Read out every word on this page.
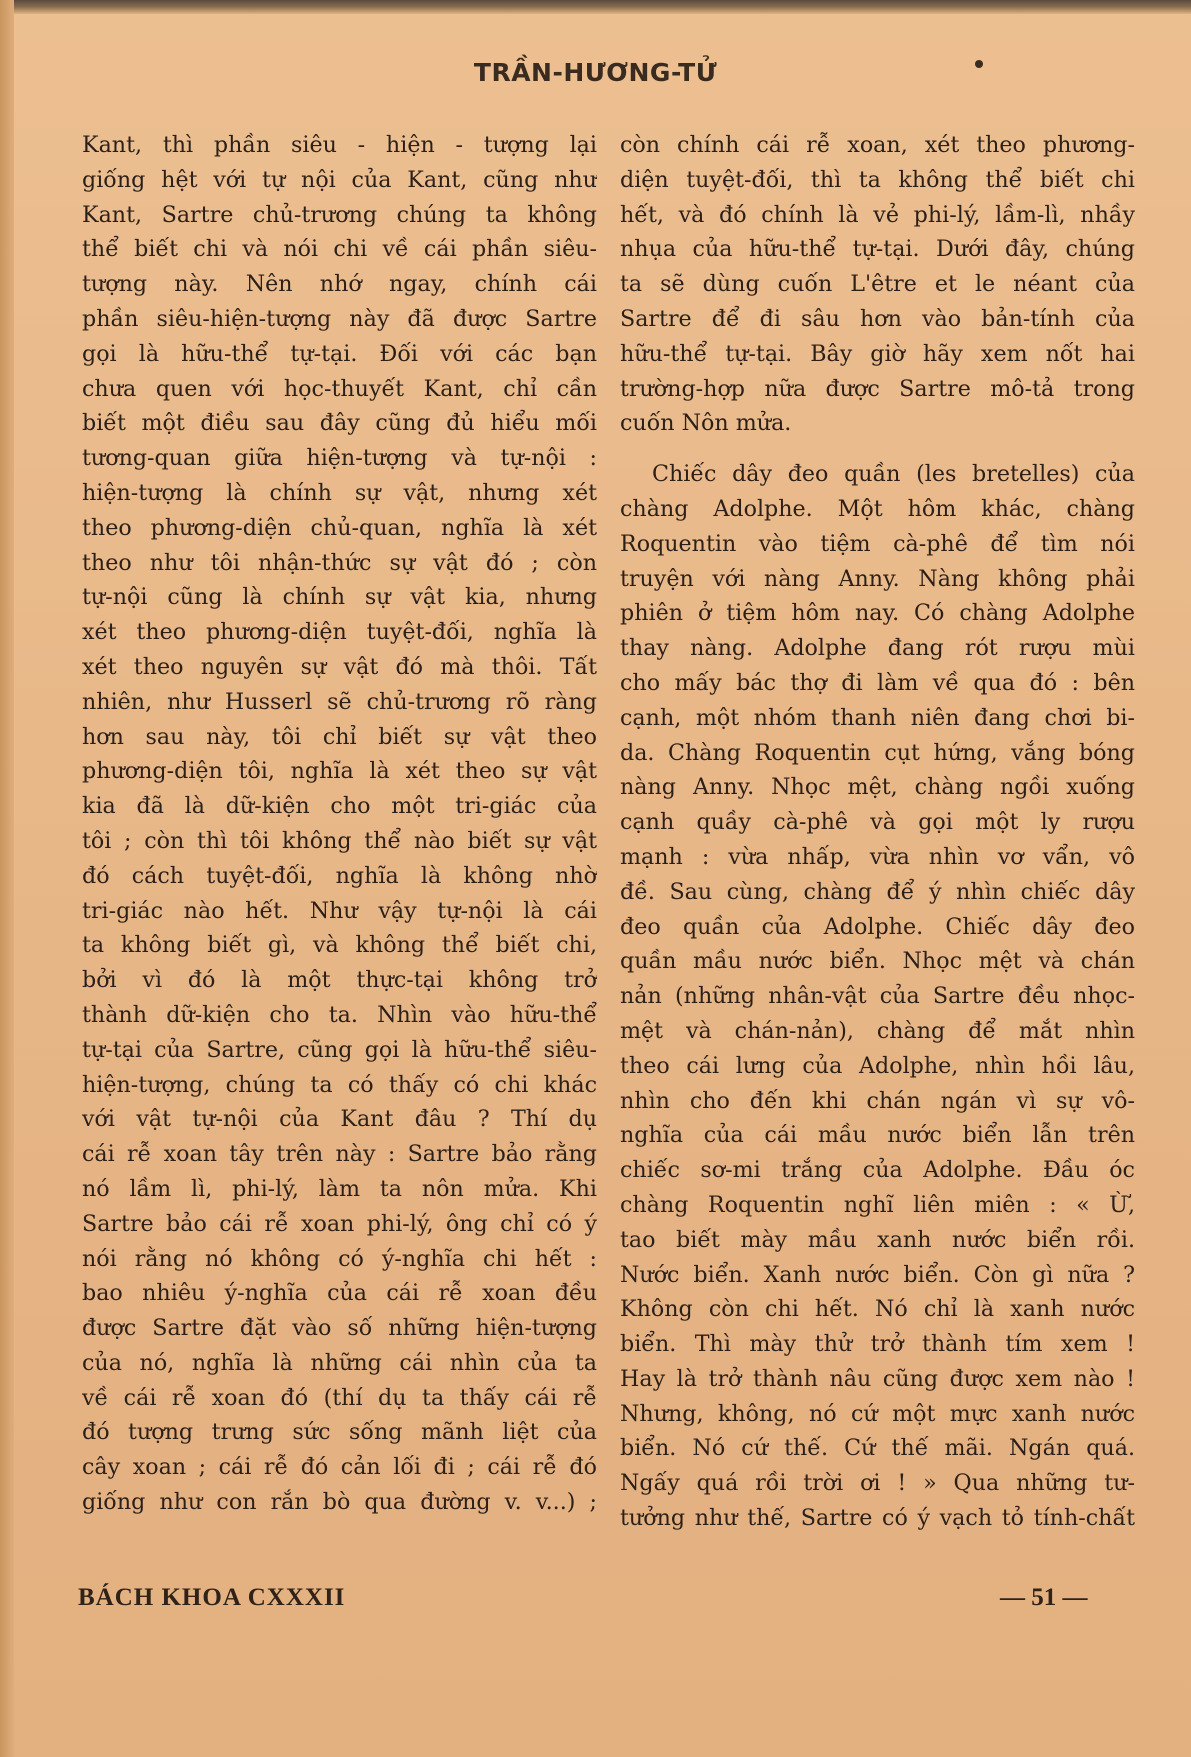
TRẦN-HƯƠNG-TỬ
Kant, thì phần siêu - hiện - tượng lại
giống hệt với tự nội của Kant, cũng như
Kant, Sartre chủ-trương chúng ta không
thể biết chi và nói chi về cái phần siêu-
tượng này. Nên nhớ ngay, chính cái
phần siêu-hiện-tượng này đã được Sartre
gọi là hữu-thể tự-tại. Đối với các bạn
chưa quen với học-thuyết Kant, chỉ cần
biết một điều sau đây cũng đủ hiểu mối
tương-quan giữa hiện-tượng và tự-nội :
hiện-tượng là chính sự vật, nhưng xét
theo phương-diện chủ-quan, nghĩa là xét
theo như tôi nhận-thức sự vật đó ; còn
tự-nội cũng là chính sự vật kia, nhưng
xét theo phương-diện tuyệt-đối, nghĩa là
xét theo nguyên sự vật đó mà thôi. Tất
nhiên, như Husserl sẽ chủ-trương rõ ràng
hơn sau này, tôi chỉ biết sự vật theo
phương-diện tôi, nghĩa là xét theo sự vật
kia đã là dữ-kiện cho một tri-giác của
tôi ; còn thì tôi không thể nào biết sự vật
đó cách tuyệt-đối, nghĩa là không nhờ
tri-giác nào hết. Như vậy tự-nội là cái
ta không biết gì, và không thể biết chi,
bởi vì đó là một thực-tại không trở
thành dữ-kiện cho ta. Nhìn vào hữu-thể
tự-tại của Sartre, cũng gọi là hữu-thể siêu-
hiện-tượng, chúng ta có thấy có chi khác
với vật tự-nội của Kant đâu ? Thí dụ
cái rễ xoan tây trên này : Sartre bảo rằng
nó lầm lì, phi-lý, làm ta nôn mửa. Khi
Sartre bảo cái rễ xoan phi-lý, ông chỉ có ý
nói rằng nó không có ý-nghĩa chi hết :
bao nhiêu ý-nghĩa của cái rễ xoan đều
được Sartre đặt vào số những hiện-tượng
của nó, nghĩa là những cái nhìn của ta
về cái rễ xoan đó (thí dụ ta thấy cái rễ
đó tượng trưng sức sống mãnh liệt của
cây xoan ; cái rễ đó cản lối đi ; cái rễ đó
giống như con rắn bò qua đường v. v...) ;
còn chính cái rễ xoan, xét theo phương-
diện tuyệt-đối, thì ta không thể biết chi
hết, và đó chính là vẻ phi-lý, lầm-lì, nhầy
nhụa của hữu-thể tự-tại. Dưới đây, chúng
ta sẽ dùng cuốn L'être et le néant của
Sartre để đi sâu hơn vào bản-tính của
hữu-thể tự-tại. Bây giờ hãy xem nốt hai
trường-hợp nữa được Sartre mô-tả trong
cuốn Nôn mửa.
Chiếc dây đeo quần (les bretelles) của
chàng Adolphe. Một hôm khác, chàng
Roquentin vào tiệm cà-phê để tìm nói
truyện với nàng Anny. Nàng không phải
phiên ở tiệm hôm nay. Có chàng Adolphe
thay nàng. Adolphe đang rót rượu mùi
cho mấy bác thợ đi làm về qua đó : bên
cạnh, một nhóm thanh niên đang chơi bi-
da. Chàng Roquentin cụt hứng, vắng bóng
nàng Anny. Nhọc mệt, chàng ngồi xuống
cạnh quầy cà-phê và gọi một ly rượu
mạnh : vừa nhấp, vừa nhìn vơ vẩn, vô
đề. Sau cùng, chàng để ý nhìn chiếc dây
đeo quần của Adolphe. Chiếc dây đeo
quần mầu nước biển. Nhọc mệt và chán
nản (những nhân-vật của Sartre đều nhọc-
mệt và chán-nản), chàng để mắt nhìn
theo cái lưng của Adolphe, nhìn hồi lâu,
nhìn cho đến khi chán ngán vì sự vô-
nghĩa của cái mầu nước biển lẫn trên
chiếc sơ-mi trắng của Adolphe. Đầu óc
chàng Roquentin nghĩ liên miên : « Ừ,
tao biết mày mầu xanh nước biển rồi.
Nước biển. Xanh nước biển. Còn gì nữa ?
Không còn chi hết. Nó chỉ là xanh nước
biển. Thì mày thử trở thành tím xem !
Hay là trở thành nâu cũng được xem nào !
Nhưng, không, nó cứ một mực xanh nước
biển. Nó cứ thế. Cứ thế mãi. Ngán quá.
Ngấy quá rồi trời ơi ! » Qua những tư-
tưởng như thế, Sartre có ý vạch tỏ tính-chất
BÁCH KHOA CXXXII	— 51 —
